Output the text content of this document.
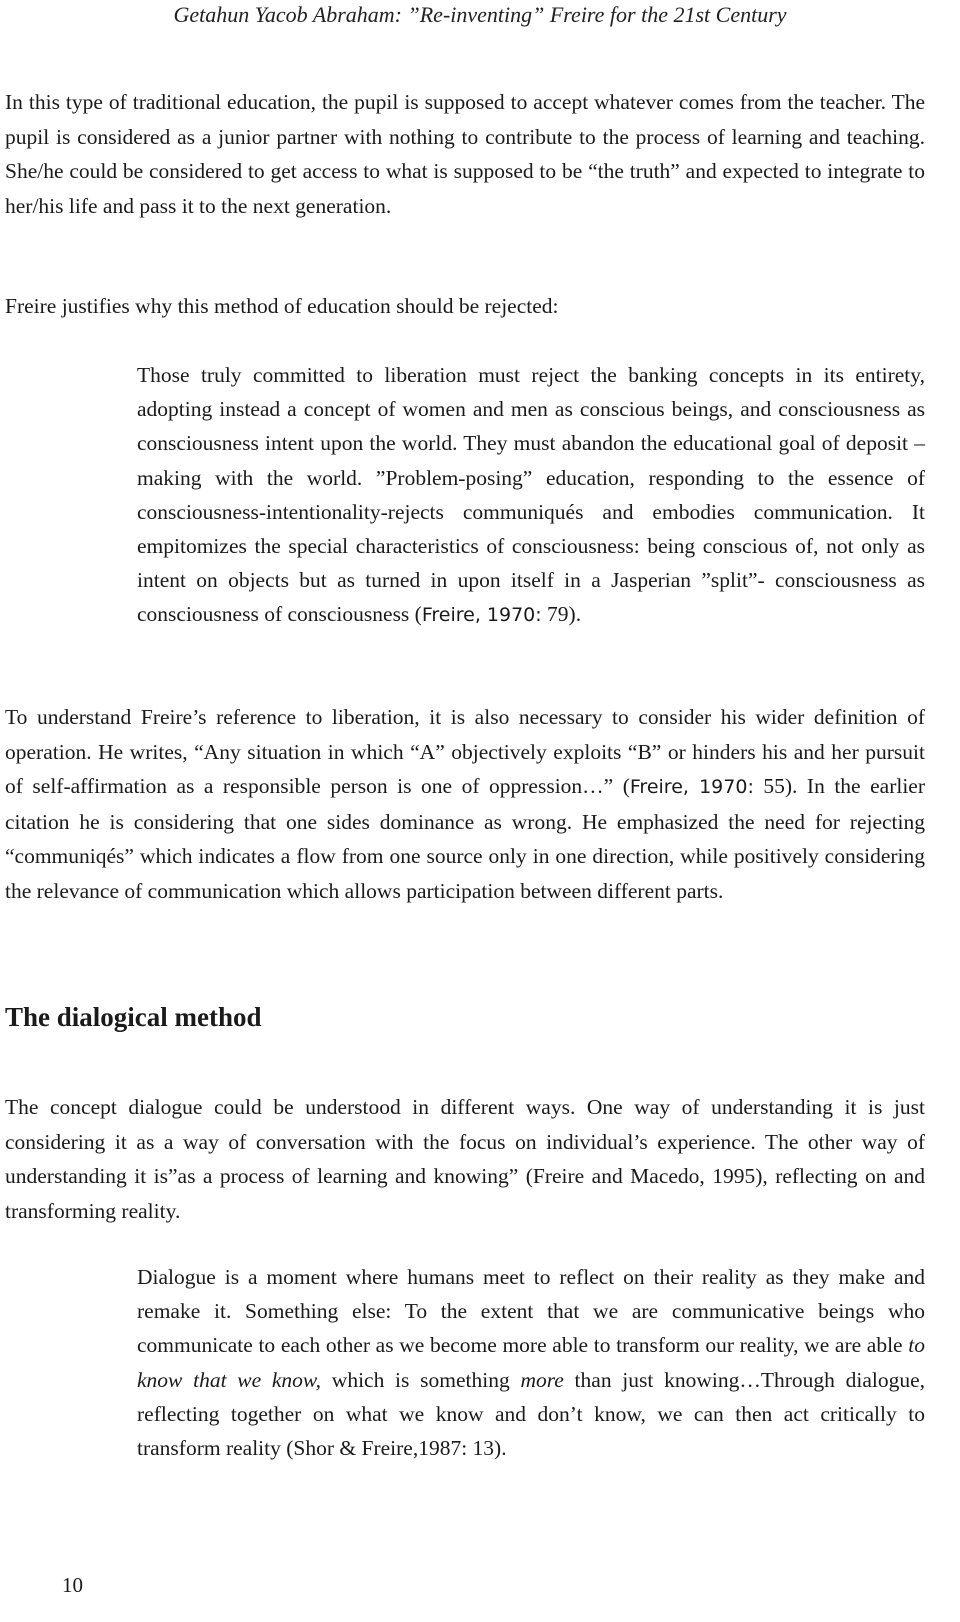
Getahun Yacob Abraham: ”Re-inventing” Freire for the 21st Century

In this type of traditional education, the pupil is supposed to accept whatever comes from the teacher. The pupil is considered as a junior partner with nothing to contribute to the process of learning and teaching. She/he could be considered to get access to what is supposed to be “the truth” and expected to integrate to her/his life and pass it to the next generation.

Freire justifies why this method of education should be rejected:

Those truly committed to liberation must reject the banking concepts in its entirety, adopting instead a concept of women and men as conscious beings, and consciousness as consciousness intent upon the world. They must abandon the educational goal of deposit –making with the world. ”Problem-posing” education, responding to the essence of consciousness-intentionality-rejects communiqués and embodies communication. It empitomizes the special characteristics of consciousness: being conscious of, not only as intent on objects but as turned in upon itself in a Jasperian ”split”- consciousness as consciousness of consciousness (Freire, 1970: 79).

To understand Freire’s reference to liberation, it is also necessary to consider his wider definition of operation. He writes, “Any situation in which “A” objectively exploits “B” or hinders his and her pursuit of self-affirmation as a responsible person is one of oppression…” (Freire, 1970: 55). In the earlier citation he is considering that one sides dominance as wrong. He emphasized the need for rejecting “communiqés” which indicates a flow from one source only in one direction, while positively considering the relevance of communication which allows participation between different parts.

The dialogical method

The concept dialogue could be understood in different ways. One way of understanding it is just considering it as a way of conversation with the focus on individual’s experience. The other way of understanding it is”as a process of learning and knowing” (Freire and Macedo, 1995), reflecting on and transforming reality.

Dialogue is a moment where humans meet to reflect on their reality as they make and remake it. Something else: To the extent that we are communicative beings who communicate to each other as we become more able to transform our reality, we are able to know that we know, which is something more than just knowing…Through dialogue, reflecting together on what we know and don’t know, we can then act critically to transform reality (Shor & Freire,1987: 13).

10
